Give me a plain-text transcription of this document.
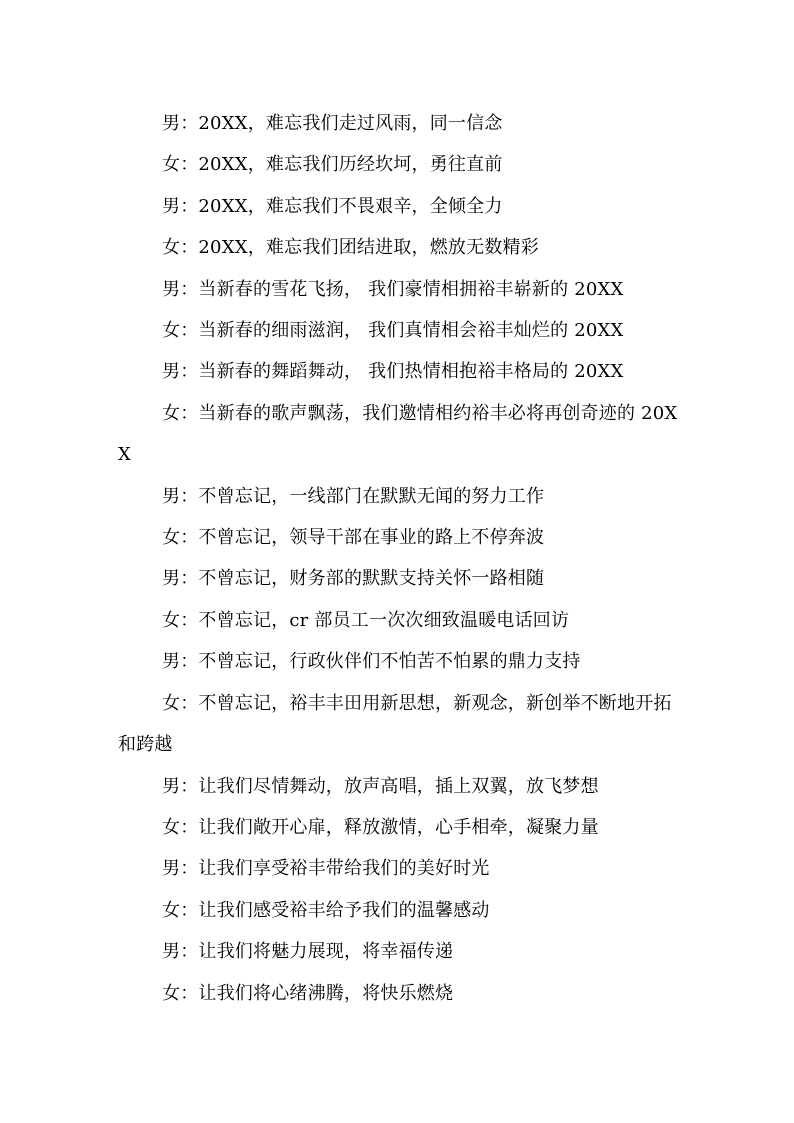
男：20XX，难忘我们走过风雨，同一信念

女：20XX，难忘我们历经坎坷，勇往直前

男：20XX，难忘我们不畏艰辛，全倾全力

女：20XX，难忘我们团结进取，燃放无数精彩

男：当新春的雪花飞扬， 我们豪情相拥裕丰崭新的 20XX

女：当新春的细雨滋润， 我们真情相会裕丰灿烂的 20XX

男：当新春的舞蹈舞动， 我们热情相抱裕丰格局的 20XX

女：当新春的歌声飘荡，我们邀情相约裕丰必将再创奇迹的 20XX

男：不曾忘记，一线部门在默默无闻的努力工作

女：不曾忘记，领导干部在事业的路上不停奔波

男：不曾忘记，财务部的默默支持关怀一路相随

女：不曾忘记，cr 部员工一次次细致温暖电话回访

男：不曾忘记，行政伙伴们不怕苦不怕累的鼎力支持

女：不曾忘记，裕丰丰田用新思想，新观念，新创举不断地开拓和跨越

男：让我们尽情舞动，放声高唱，插上双翼，放飞梦想

女：让我们敞开心扉，释放激情，心手相牵，凝聚力量

男：让我们享受裕丰带给我们的美好时光

女：让我们感受裕丰给予我们的温馨感动

男：让我们将魅力展现，将幸福传递

女：让我们将心绪沸腾，将快乐燃烧
